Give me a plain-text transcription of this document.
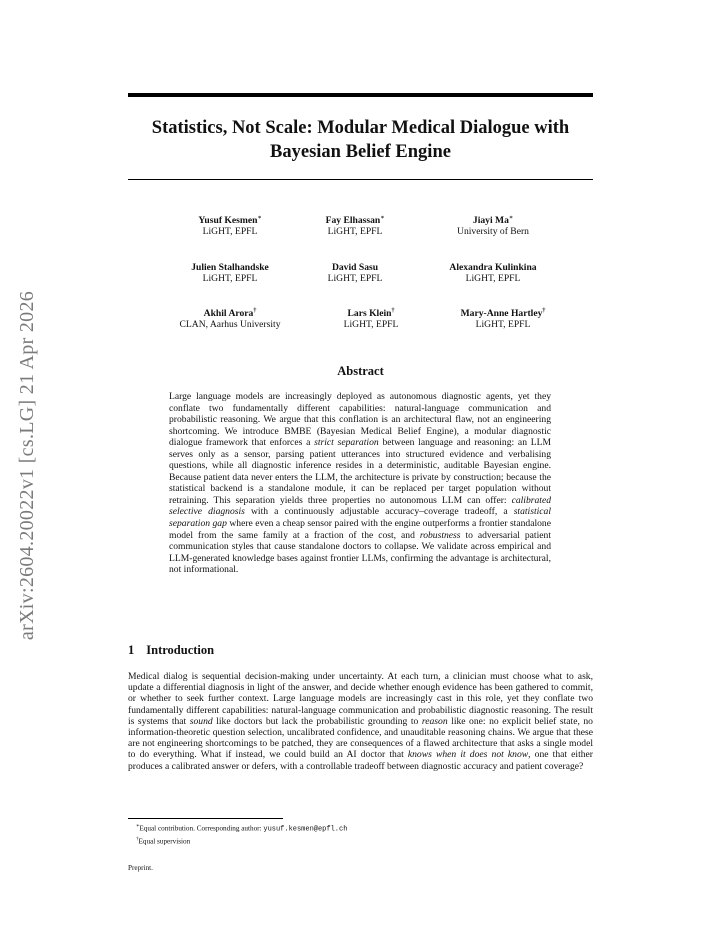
arXiv:2604.20022v1 [cs.LG] 21 Apr 2026
Statistics, Not Scale: Modular Medical Dialogue with Bayesian Belief Engine
Yusuf Kesmen∗
LiGHT, EPFL
Fay Elhassan∗
LiGHT, EPFL
Jiayi Ma∗
University of Bern
Julien Stalhandske
LiGHT, EPFL
David Sasu
LiGHT, EPFL
Alexandra Kulinkina
LiGHT, EPFL
Akhil Arora†
CLAN, Aarhus University
Lars Klein†
LiGHT, EPFL
Mary-Anne Hartley†
LiGHT, EPFL
Abstract

Large language models are increasingly deployed as autonomous diagnostic agents, yet they conflate two fundamentally different capabilities: natural-language communication and probabilistic reasoning. We argue that this conflation is an architectural flaw, not an engineering shortcoming. We introduce BMBE (Bayesian Medical Belief Engine), a modular diagnostic dialogue framework that enforces a strict separation between language and reasoning: an LLM serves only as a sensor, parsing patient utterances into structured evidence and verbalising questions, while all diagnostic inference resides in a deterministic, auditable Bayesian engine. Because patient data never enters the LLM, the architecture is private by construction; because the statistical backend is a standalone module, it can be replaced per target population without retraining. This separation yields three properties no autonomous LLM can offer: calibrated selective diagnosis with a continuously adjustable accuracy–coverage tradeoff, a statistical separation gap where even a cheap sensor paired with the engine outperforms a frontier standalone model from the same family at a fraction of the cost, and robustness to adversarial patient communication styles that cause standalone doctors to collapse. We validate across empirical and LLM-generated knowledge bases against frontier LLMs, confirming the advantage is architectural, not informational.

1 Introduction

Medical dialog is sequential decision-making under uncertainty. At each turn, a clinician must choose what to ask, update a differential diagnosis in light of the answer, and decide whether enough evidence has been gathered to commit, or whether to seek further context. Large language models are increasingly cast in this role, yet they conflate two fundamentally different capabilities: natural-language communication and probabilistic diagnostic reasoning. The result is systems that sound like doctors but lack the probabilistic grounding to reason like one: no explicit belief state, no information-theoretic question selection, uncalibrated confidence, and unauditable reasoning chains. We argue that these are not engineering shortcomings to be patched, they are consequences of a flawed architecture that asks a single model to do everything. What if instead, we could build an AI doctor that knows when it does not know, one that either produces a calibrated answer or defers, with a controllable tradeoff between diagnostic accuracy and patient coverage?

∗Equal contribution. Corresponding author: yusuf.kesmen@epfl.ch
†Equal supervision
Preprint.
